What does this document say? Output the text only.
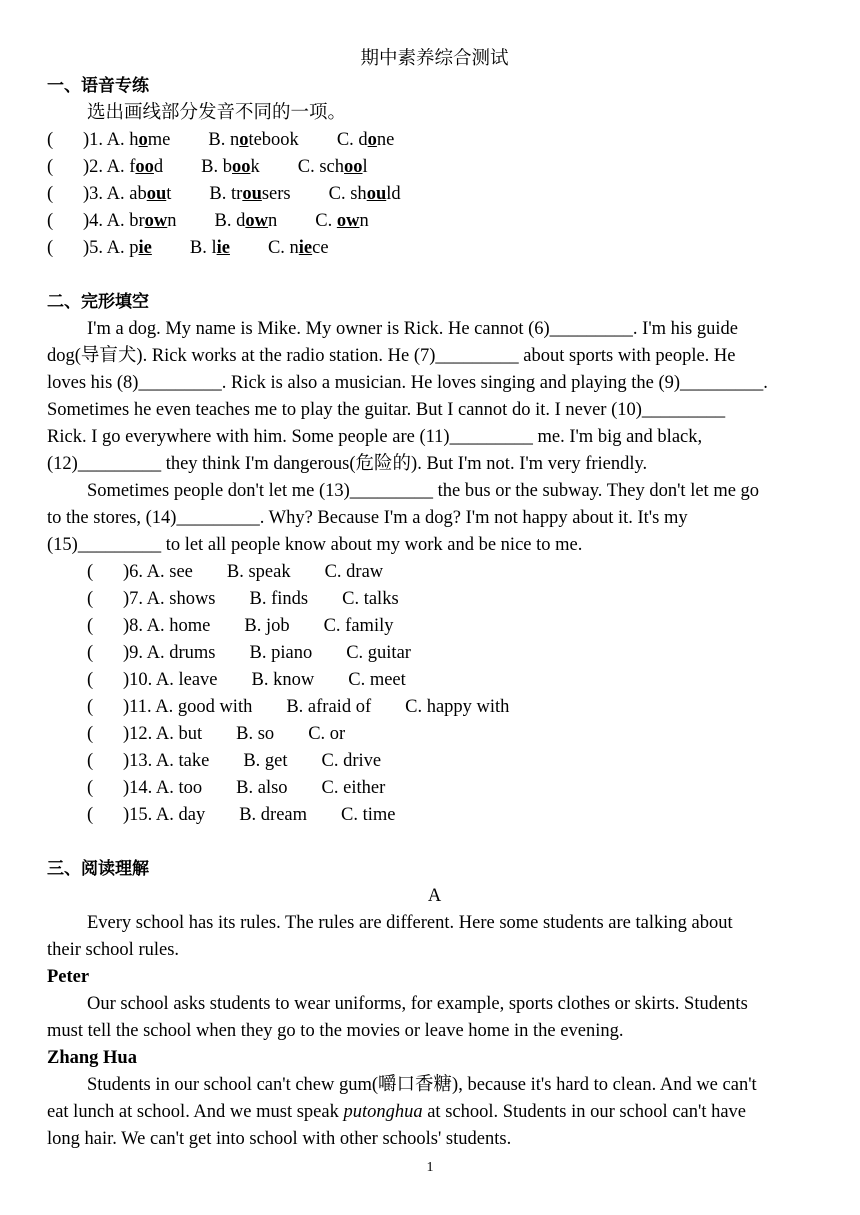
期中素养综合测试
一、语音专练
选出画线部分发音不同的一项。
(	)1. A. home B. notebook C. done
(	)2. A. food B. book C. school
(	)3. A. about B. trousers C. should
(	)4. A. brown B. down C. own
(	)5. A. pie B. lie C. niece
二、完形填空
I'm a dog. My name is Mike. My owner is Rick. He cannot (6)_________. I'm his guide
dog(导盲犬). Rick works at the radio station. He (7)_________ about sports with people. He
loves his (8)_________. Rick is also a musician. He loves singing and playing the (9)_________.
Sometimes he even teaches me to play the guitar. But I cannot do it. I never (10)_________
Rick. I go everywhere with him. Some people are (11)_________ me. I'm big and black,
(12)_________ they think I'm dangerous(危险的). But I'm not. I'm very friendly.
Sometimes people don't let me (13)_________ the bus or the subway. They don't let me go
to the stores, (14)_________. Why? Because I'm a dog? I'm not happy about it. It's my
(15)_________ to let all people know about my work and be nice to me.
(	)6. A. see B. speak C. draw
(	)7. A. shows B. finds C. talks
(	)8. A. home B. job C. family
(	)9. A. drums B. piano C. guitar
(	)10. A. leave B. know C. meet
(	)11. A. good with B. afraid of C. happy with
(	)12. A. but B. so C. or
(	)13. A. take B. get C. drive
(	)14. A. too B. also C. either
(	)15. A. day B. dream C. time
三、阅读理解
A
Every school has its rules. The rules are different. Here some students are talking about
their school rules.
Peter
Our school asks students to wear uniforms, for example, sports clothes or skirts. Students
must tell the school when they go to the movies or leave home in the evening.
Zhang Hua
Students in our school can't chew gum(嚼口香糖), because it's hard to clean. And we can't
eat lunch at school. And we must speak putonghua at school. Students in our school can't have
long hair. We can't get into school with other schools' students.
1
